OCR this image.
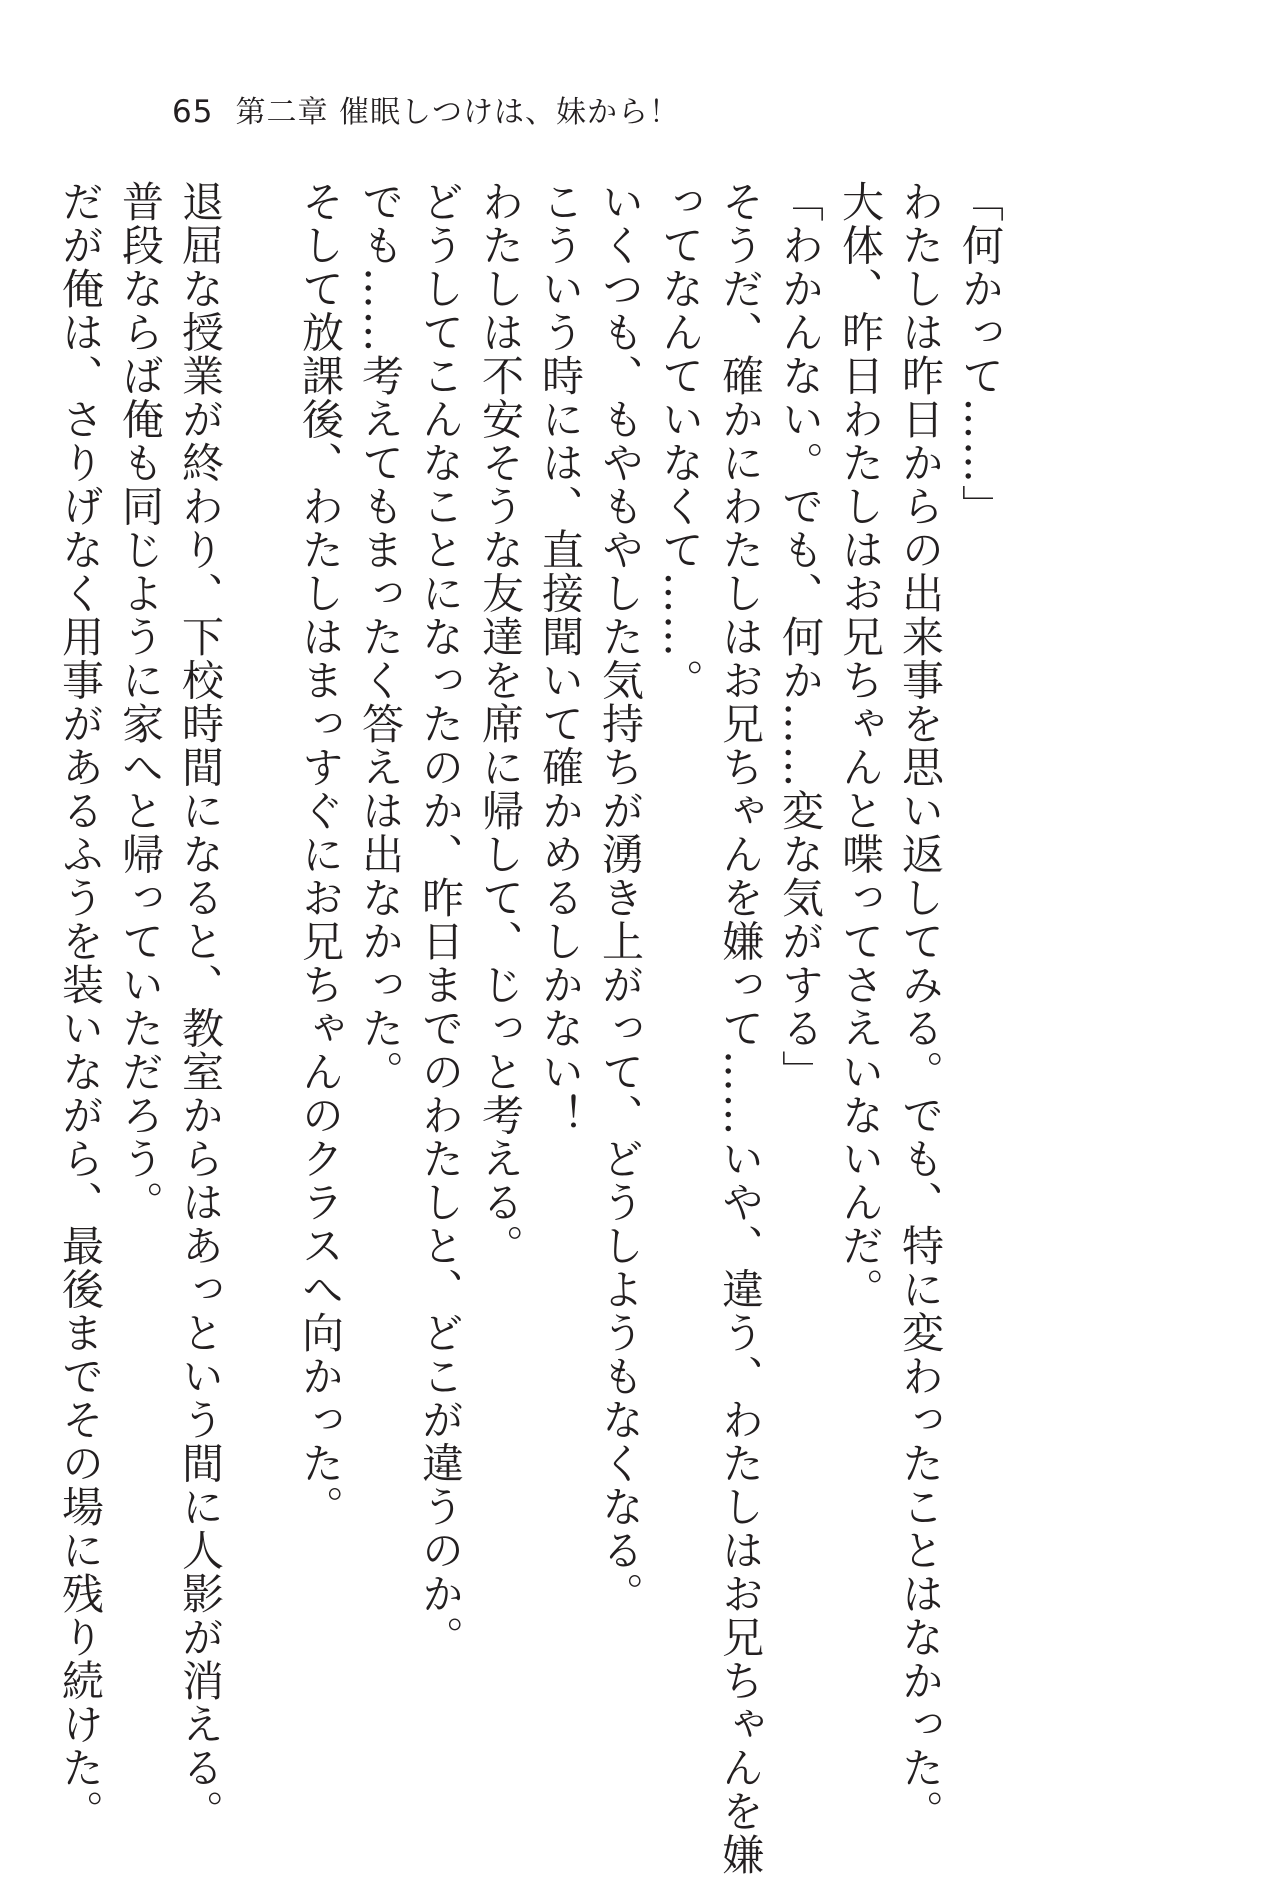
65 第二章 催眠しつけは、妹から！
「何かって……」
わたしは昨日からの出来事を思い返してみる。でも、特に変わったことはなかった。
大体、昨日わたしはお兄ちゃんと喋ってさえいないんだ。
「わかんない。でも、何か……変な気がする」
そうだ、確かにわたしはお兄ちゃんを嫌って……いや、違う、わたしはお兄ちゃんを嫌
ってなんていなくて……。
いくつも、もやもやした気持ちが湧き上がって、どうしようもなくなる。
こういう時には、直接聞いて確かめるしかない！
わたしは不安そうな友達を席に帰して、じっと考える。
どうしてこんなことになったのか、昨日までのわたしと、どこが違うのか。
でも……考えてもまったく答えは出なかった。
そして放課後、わたしはまっすぐにお兄ちゃんのクラスへ向かった。
退屈な授業が終わり、下校時間になると、教室からはあっという間に人影が消える。
普段ならば俺も同じように家へと帰っていただろう。
だが俺は、さりげなく用事があるふうを装いながら、最後までその場に残り続けた。
